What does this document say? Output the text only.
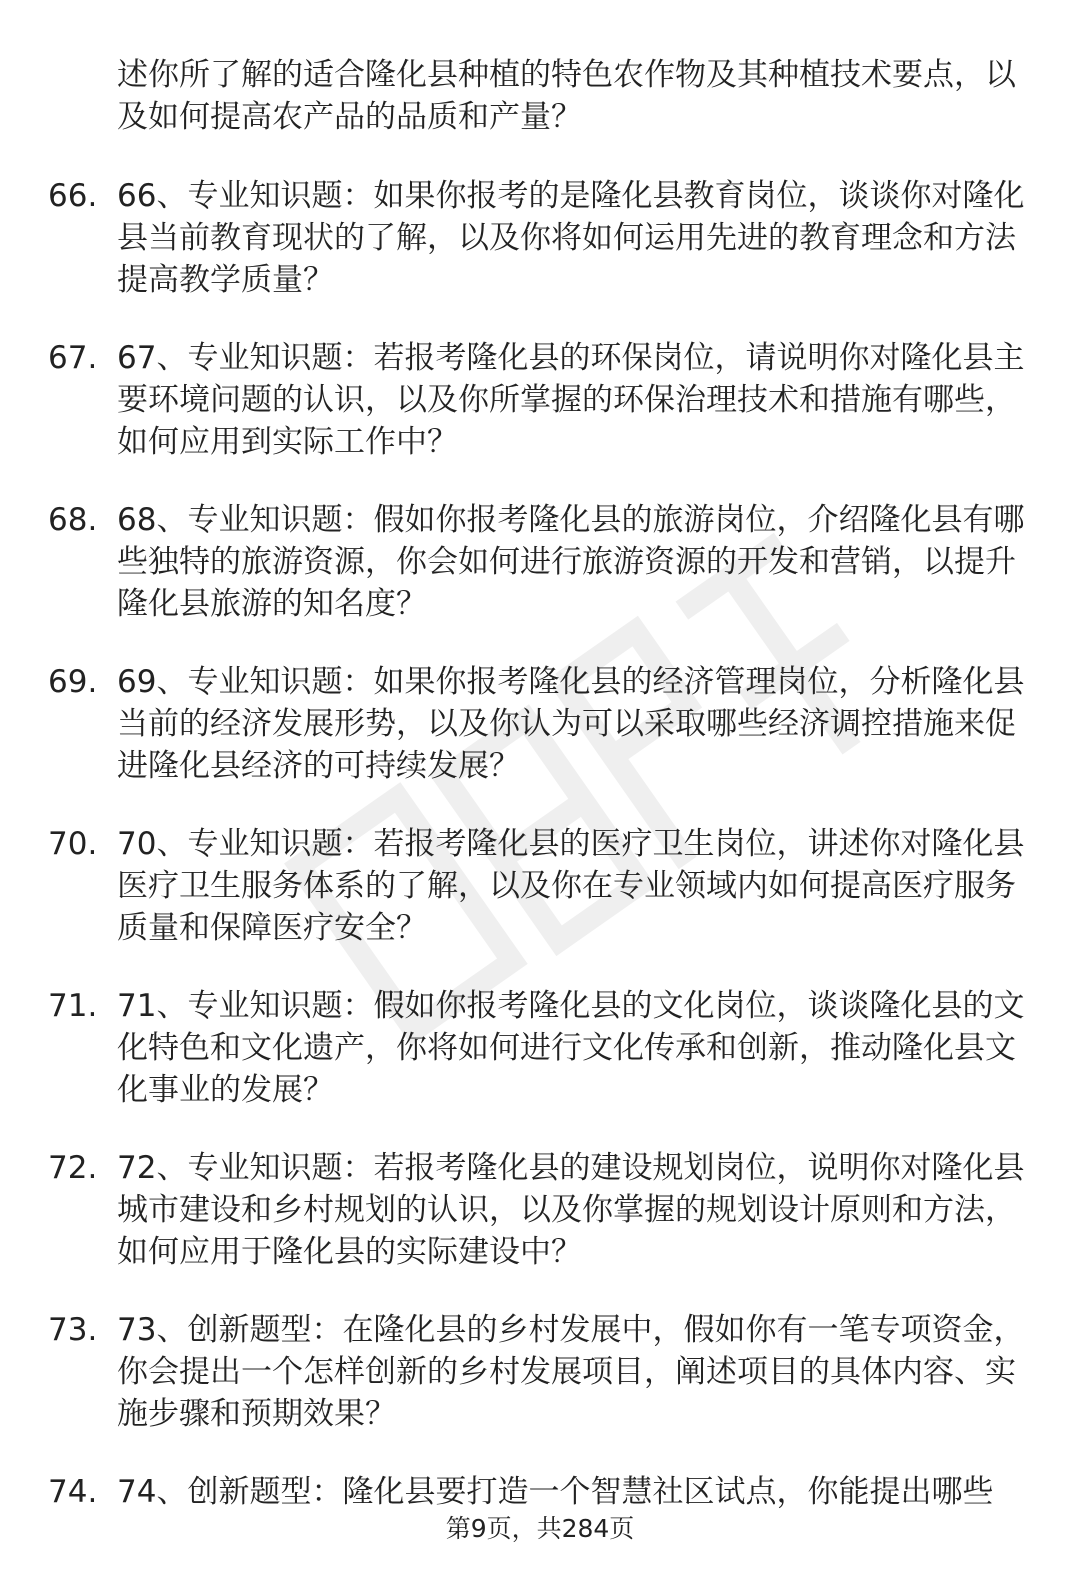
述你所了解的适合隆化县种植的特色农作物及其种植技术要点，以及如何提高农产品的品质和产量？

66. 66、专业知识题：如果你报考的是隆化县教育岗位，谈谈你对隆化县当前教育现状的了解，以及你将如何运用先进的教育理念和方法提高教学质量？

67. 67、专业知识题：若报考隆化县的环保岗位，请说明你对隆化县主要环境问题的认识，以及你所掌握的环保治理技术和措施有哪些，如何应用到实际工作中？

68. 68、专业知识题：假如你报考隆化县的旅游岗位，介绍隆化县有哪些独特的旅游资源，你会如何进行旅游资源的开发和营销，以提升隆化县旅游的知名度？

69. 69、专业知识题：如果你报考隆化县的经济管理岗位，分析隆化县当前的经济发展形势，以及你认为可以采取哪些经济调控措施来促进隆化县经济的可持续发展？

70. 70、专业知识题：若报考隆化县的医疗卫生岗位，讲述你对隆化县医疗卫生服务体系的了解，以及你在专业领域内如何提高医疗服务质量和保障医疗安全？

71. 71、专业知识题：假如你报考隆化县的文化岗位，谈谈隆化县的文化特色和文化遗产，你将如何进行文化传承和创新，推动隆化县文化事业的发展？

72. 72、专业知识题：若报考隆化县的建设规划岗位，说明你对隆化县城市建设和乡村规划的认识，以及你掌握的规划设计原则和方法，如何应用于隆化县的实际建设中？

73. 73、创新题型：在隆化县的乡村发展中，假如你有一笔专项资金，你会提出一个怎样创新的乡村发展项目，阐述项目的具体内容、实施步骤和预期效果？

74. 74、创新题型：隆化县要打造一个智慧社区试点，你能提出哪些

第9页，共284页
